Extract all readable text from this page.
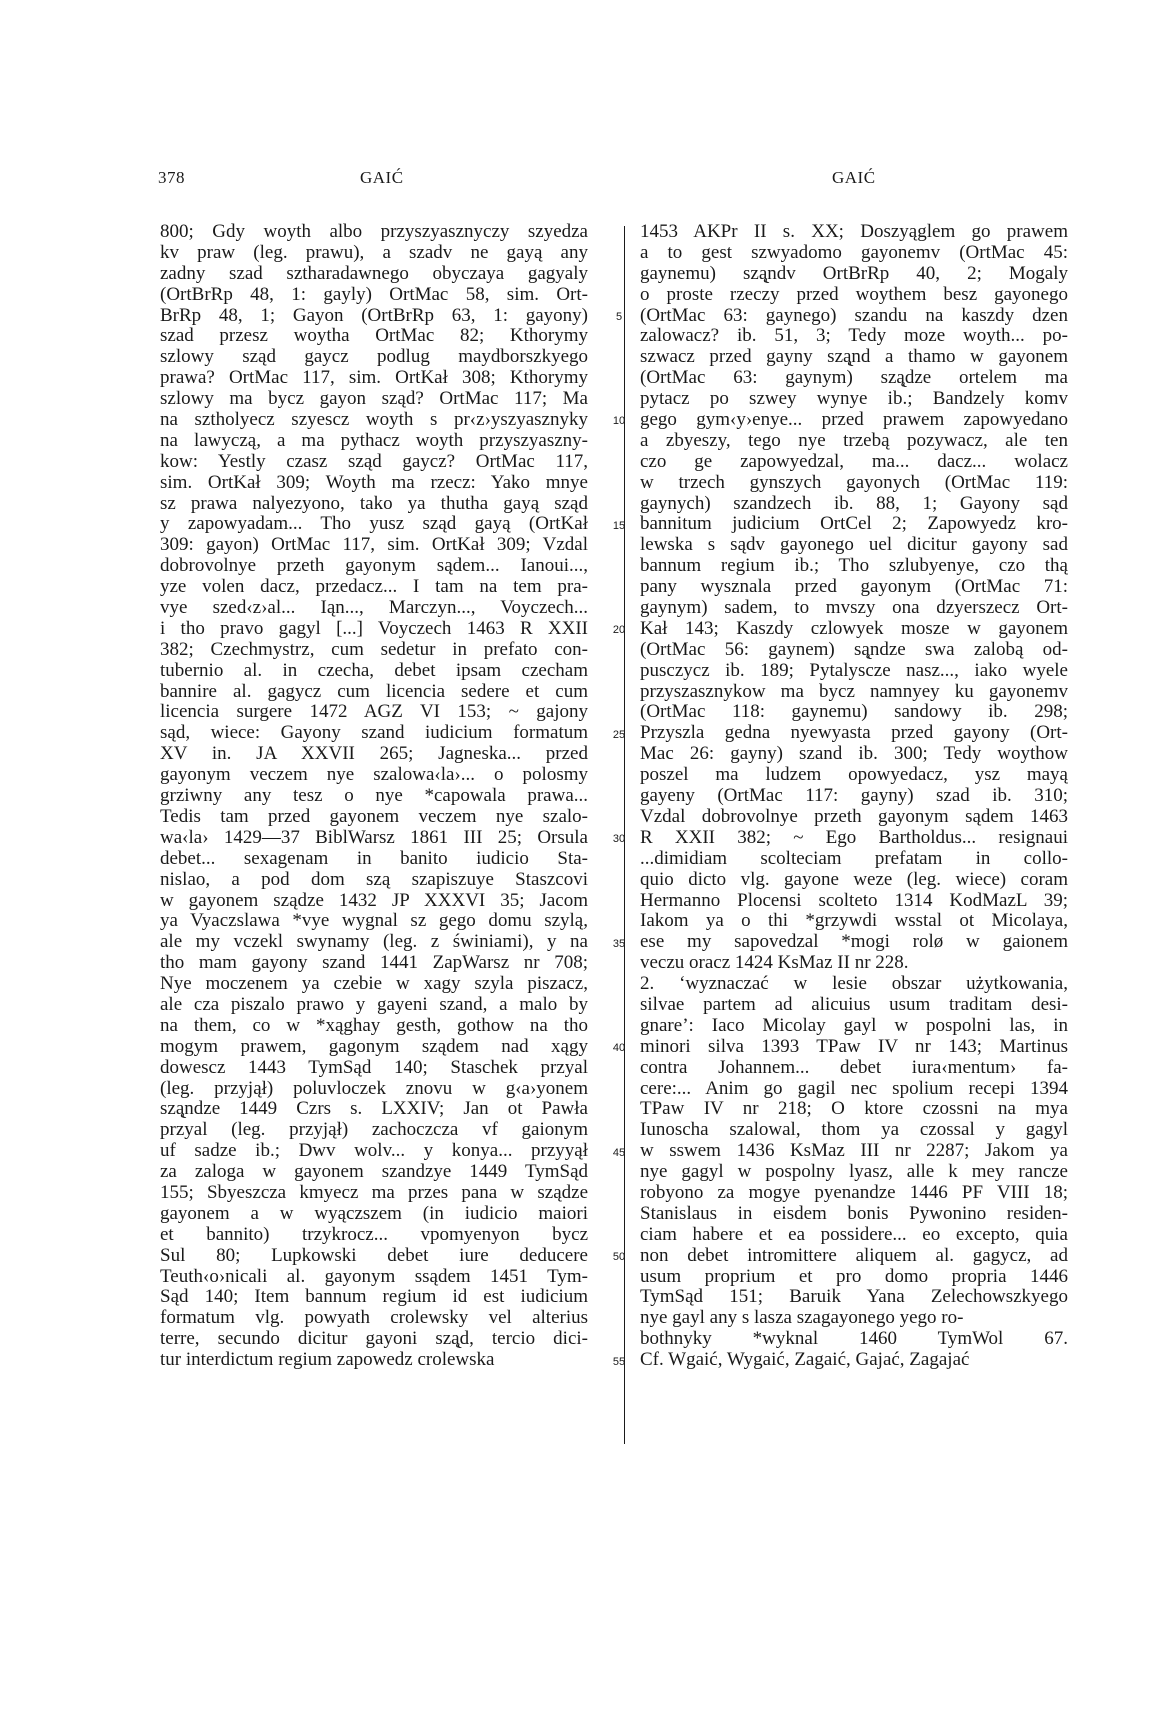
378	GAIĆ	GAIĆ
800; Gdy woyth albo przyszyasznyczy szyedza
kv praw (leg. prawu), a szadv ne gayą any
zadny szad sztharadawnego obyczaya gagyaly
(OrtBrRp 48, 1: gayly) OrtMac 58, sim. Ort-
BrRp 48, 1; Gayon (OrtBrRp 63, 1: gayony)
szad przesz woytha OrtMac 82; Kthorymy
szlowy sząd gaycz podlug maydborszkyego
prawa? OrtMac 117, sim. OrtKał 308; Kthorymy
szlowy ma bycz gayon sząd? OrtMac 117; Ma
na sztholyecz szyescz woyth s pr‹z›yszyasznyky
na lawyczą, a ma pythacz woyth przyszyaszny-
kow: Yestly czasz sząd gaycz? OrtMac 117,
sim. OrtKał 309; Woyth ma rzecz: Yako mnye
sz prawa nalyezyono, tako ya thutha gayą sząd
y zapowyadam... Tho yusz sząd gayą (OrtKał
309: gayon) OrtMac 117, sim. OrtKał 309; Vzdal
dobrovolnye przeth gayonym sądem... Ianoui...,
yze volen dacz, przedacz... I tam na tem pra-
vye szed‹z›al... Iąn..., Marczyn..., Voyczech...
i tho pravo gagyl [...] Voyczech 1463 R XXII
382; Czechmystrz, cum sedetur in prefato con-
tubernio al. in czecha, debet ipsam czecham
bannire al. gagycz cum licencia sedere et cum
licencia surgere 1472 AGZ VI 153; ~ gajony
sąd, wiece: Gayony szand iudicium formatum
XV in. JA XXVII 265; Jagneska... przed
gayonym veczem nye szalowa‹la›... o polosmy
grziwny any tesz o nye *capowala prawa...
Tedis tam przed gayonem veczem nye szalo-
wa‹la› 1429—37 BiblWarsz 1861 III 25; Orsula
debet... sexagenam in banito iudicio Sta-
nislao, a pod dom szą szapiszuye Staszcovi
w gayonem sządze 1432 JP XXXVI 35; Jacom
ya Vyaczslawa *vye wygnal sz gego domu szylą,
ale my vczekl swynamy (leg. z świniami), y na
tho mam gayony szand 1441 ZapWarsz nr 708;
Nye moczenem ya czebie w xagy szyla piszacz,
ale cza piszalo prawo y gayeni szand, a malo by
na them, co w *xąghay gesth, gothow na tho
mogym prawem, gagonym sządem nad xągy
dowescz 1443 TymSąd 140; Staschek przyal
(leg. przyjął) poluvloczek znovu w g‹a›yonem
szą̨ndze 1449 Czrs s. LXXIV; Jan ot Pawła
przyal (leg. przyjął) zachoczcza vf gaionym
uf sadze ib.; Dwv wolv... y konya... przyyął
za zaloga w gayonem szandzye 1449 TymSąd
155; Sbyeszcza kmyecz ma przes pana w sządze
gayonem a w wyączszem (in iudicio maiori
et bannito) trzykrocz... vpomyenyon bycz
Sul 80; Lupkowski debet iure deducere
Teuth‹o›nicali al. gayonym ssądem 1451 Tym-
Sąd 140; Item bannum regium id est iudicium
formatum vlg. powyath crolewsky vel alterius
terre, secundo dicitur gayoni szą̨d, tercio dici-
tur interdictum regium zapowedz crolewska
5
10
15
20
25
30
35
40
45
50
55
1453 AKPr II s. XX; Doszyąglem go prawem
a to gest szwyadomo gayonemv (OrtMac 45:
gaynemu) szą̨ndv OrtBrRp 40, 2; Mogaly
o proste rzeczy przed woythem besz gayonego
(OrtMac 63: gaynego) szandu na kaszdy dzen
zalowacz? ib. 51, 3; Tedy moze woyth... po-
szwacz przed gayny szą̨nd a thamo w gayonem
(OrtMac 63: gaynym) szą̨dze ortelem ma
pytacz po szwey wynye ib.; Bandzely komv
gego gym‹y›enye... przed prawem zapowyedano
a zbyeszy, tego nye trzebą pozywacz, ale ten
czo ge zapowyedzal, ma... dacz... wolacz
w trzech gynszych gayonych (OrtMac 119:
gaynych) szandzech ib. 88, 1; Gayony sąd
bannitum judicium OrtCel 2; Zapowyedz kro-
lewska s sądv gayonego uel dicitur gayony sad
bannum regium ib.; Tho szlubyenye, czo thą
pany wysznala przed gayonym (OrtMac 71:
gaynym) sadem, to mvszy ona dzyerszecz Ort-
Kał 143; Kaszdy czlowyek mosze w gayonem
(OrtMac 56: gaynem) są̨ndze swa zalobą od-
pusczycz ib. 189; Pytalyscze nasz..., iako wyele
przyszasznykow ma bycz namnyey ku gayonemv
(OrtMac 118: gaynemu) sandowy ib. 298;
Przyszla gedna nyewyasta przed gayony (Ort-
Mac 26: gayny) szand ib. 300; Tedy woythow
poszel ma ludzem opowyedacz, ysz mayą
gayeny (OrtMac 117: gayny) szad ib. 310;
Vzdal dobrovolnye przeth gayonym sądem 1463
R XXII 382; ~ Ego Bartholdus... resignaui
...dimidiam scolteciam prefatam in collo-
quio dicto vlg. gayone weze (leg. wiece) coram
Hermanno Plocensi scolteto 1314 KodMazL 39;
Iakom ya o thi *grzywdi wsstal ot Micolaya,
ese my sapovedzal *mogi rolø w gaionem
veczu oracz 1424 KsMaz II nr 228.
2. ‘wyznaczać w lesie obszar użytkowania,
silvae partem ad alicuius usum traditam desi-
gnare’: Iaco Micolay gayl w pospolni las, in
minori silva 1393 TPaw IV nr 143; Martinus
contra Johannem... debet iura‹mentum› fa-
cere:... Anim go gagil nec spolium recepi 1394
TPaw IV nr 218; O ktore czossni na mya
Iunoscha szalowal, thom ya czossal y gagyl
w sswem 1436 KsMaz III nr 2287; Jakom ya
nye gagyl w pospolny lyasz, alle k mey rancze
robyono za mogye pyenandze 1446 PF VIII 18;
Stanislaus in eisdem bonis Pywonino residen-
ciam habere et ea possidere... eo excepto, quia
non debet intromittere aliquem al. gagycz, ad
usum proprium et pro domo propria 1446
TymSąd 151; Baruik Yana Zelechowszkyego
nye gayl any s lasza szagayonego yego ro-
bothnyky *wyknal 1460 TymWol 67.
Cf. Wgaić, Wygaić, Zagaić, Gajać, Zagajać
